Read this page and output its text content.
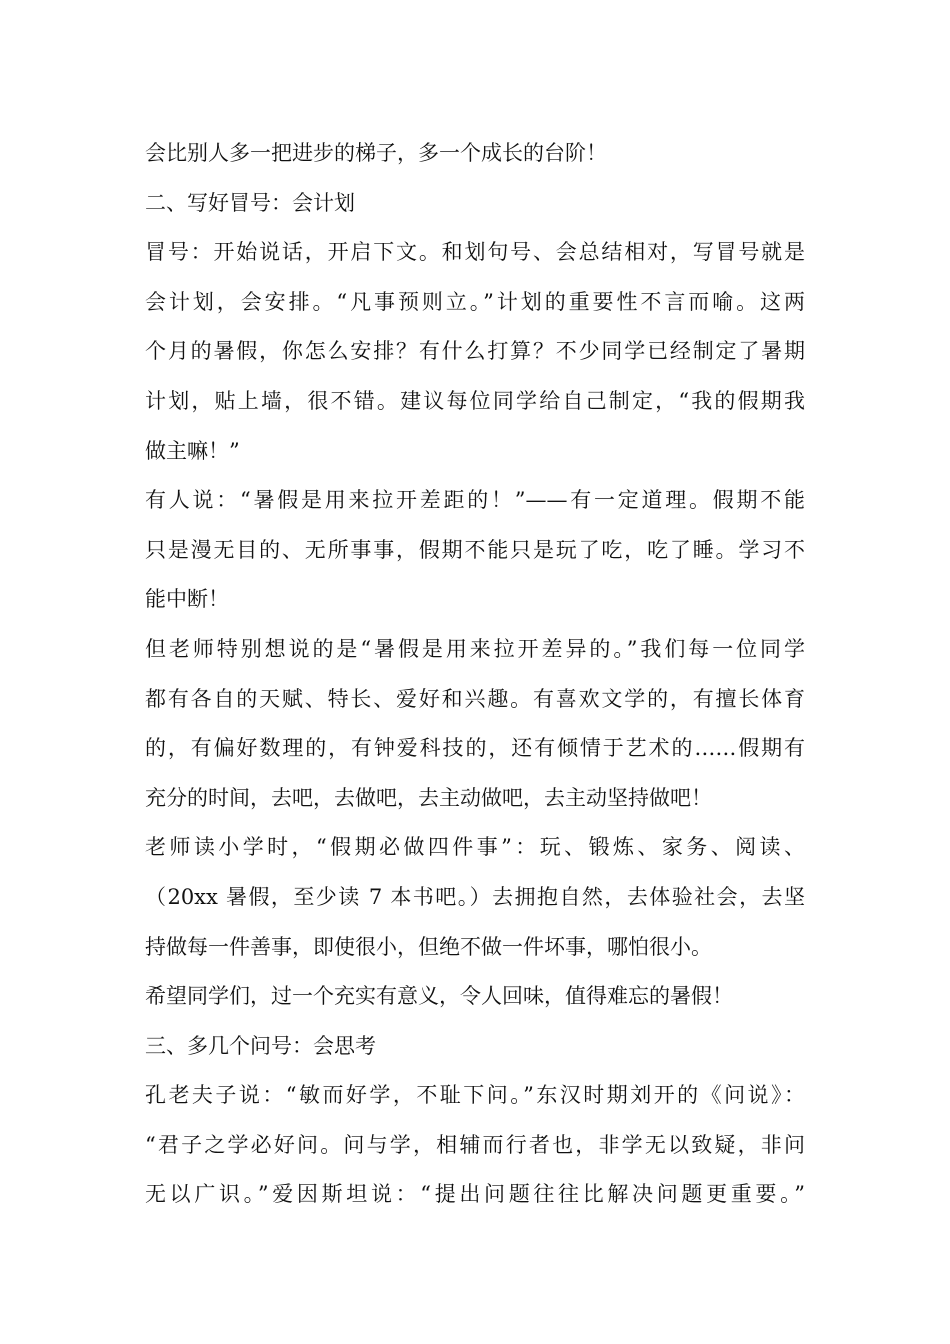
会比别人多一把进步的梯子，多一个成长的台阶！
二、写好冒号：会计划
冒号：开始说话，开启下文。和划句号、会总结相对，写冒号就是
会计划，会安排。“凡事预则立。”计划的重要性不言而喻。这两
个月的暑假，你怎么安排？有什么打算？不少同学已经制定了暑期
计划，贴上墙，很不错。建议每位同学给自己制定，“我的假期我
做主嘛！”
有人说：“暑假是用来拉开差距的！”——有一定道理。假期不能
只是漫无目的、无所事事，假期不能只是玩了吃，吃了睡。学习不
能中断！
但老师特别想说的是“暑假是用来拉开差异的。”我们每一位同学
都有各自的天赋、特长、爱好和兴趣。有喜欢文学的，有擅长体育
的，有偏好数理的，有钟爱科技的，还有倾情于艺术的……假期有
充分的时间，去吧，去做吧，去主动做吧，去主动坚持做吧！
老师读小学时，“假期必做四件事”：玩、锻炼、家务、阅读、
（20xx 暑假，至少读 7 本书吧。）去拥抱自然，去体验社会，去坚
持做每一件善事，即使很小，但绝不做一件坏事，哪怕很小。
希望同学们，过一个充实有意义，令人回味，值得难忘的暑假！
三、多几个问号：会思考
孔老夫子说：“敏而好学，不耻下问。”东汉时期刘开的《问说》：
“君子之学必好问。问与学，相辅而行者也，非学无以致疑，非问
无以广识。”爱因斯坦说：“提出问题往往比解决问题更重要。”
